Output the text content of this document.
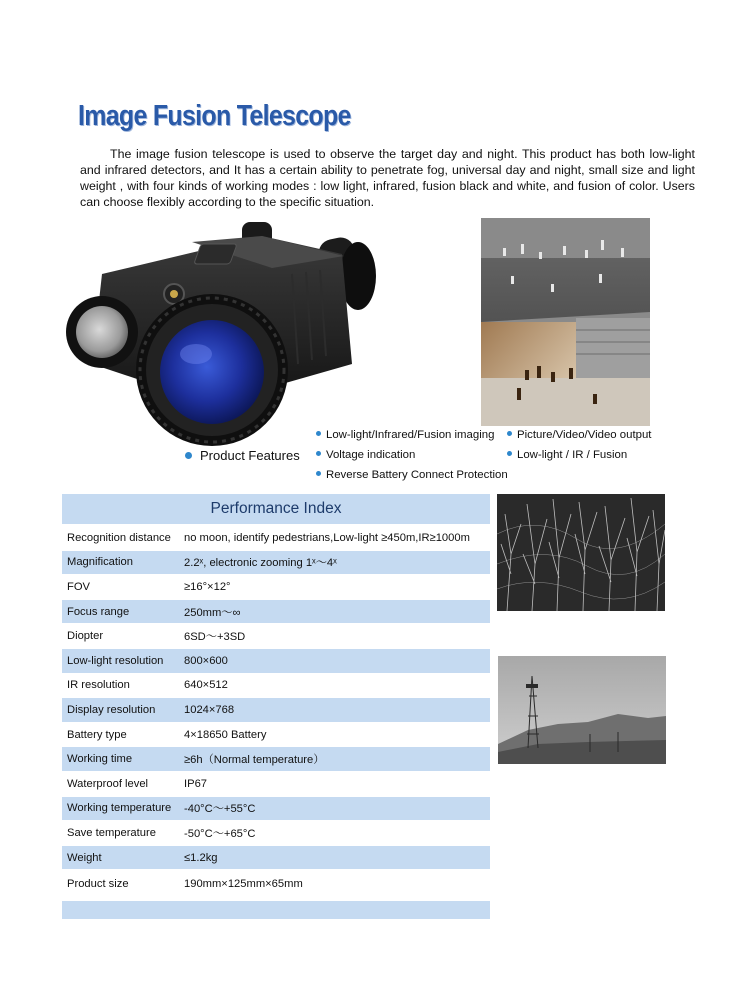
Image Fusion Telescope
The image fusion telescope is used to observe the target day and night. This product has both low-light and infrared detectors, and It has a certain ability to penetrate fog, universal day and night, small size and light weight , with four kinds of working modes : low light, infrared, fusion black and white, and fusion of color. Users can choose flexibly according to the specific situation.
Low-light/Infrared/Fusion imaging	Picture/Video/Video output
Voltage indication	Low-light / IR / Fusion
Reverse Battery Connect Protection
Product Features
Performance Index
Recognition distance	no moon, identify pedestrians,Low-light ≥450m,IR≥1000m
Magnification	2.2ˣ, electronic zooming 1ˣ～4ˣ
FOV	≥16°×12°
Focus range	250mm～∞
Diopter	6SD～+3SD
Low-light resolution	800×600
IR resolution	640×512
Display resolution	1024×768
Battery type	4×18650 Battery
Working time	≥6h（Normal temperature）
Waterproof level	IP67
Working temperature	-40°C～+55°C
Save temperature	-50°C～+65°C
Weight	≤1.2kg
Product size	190mm×125mm×65mm
